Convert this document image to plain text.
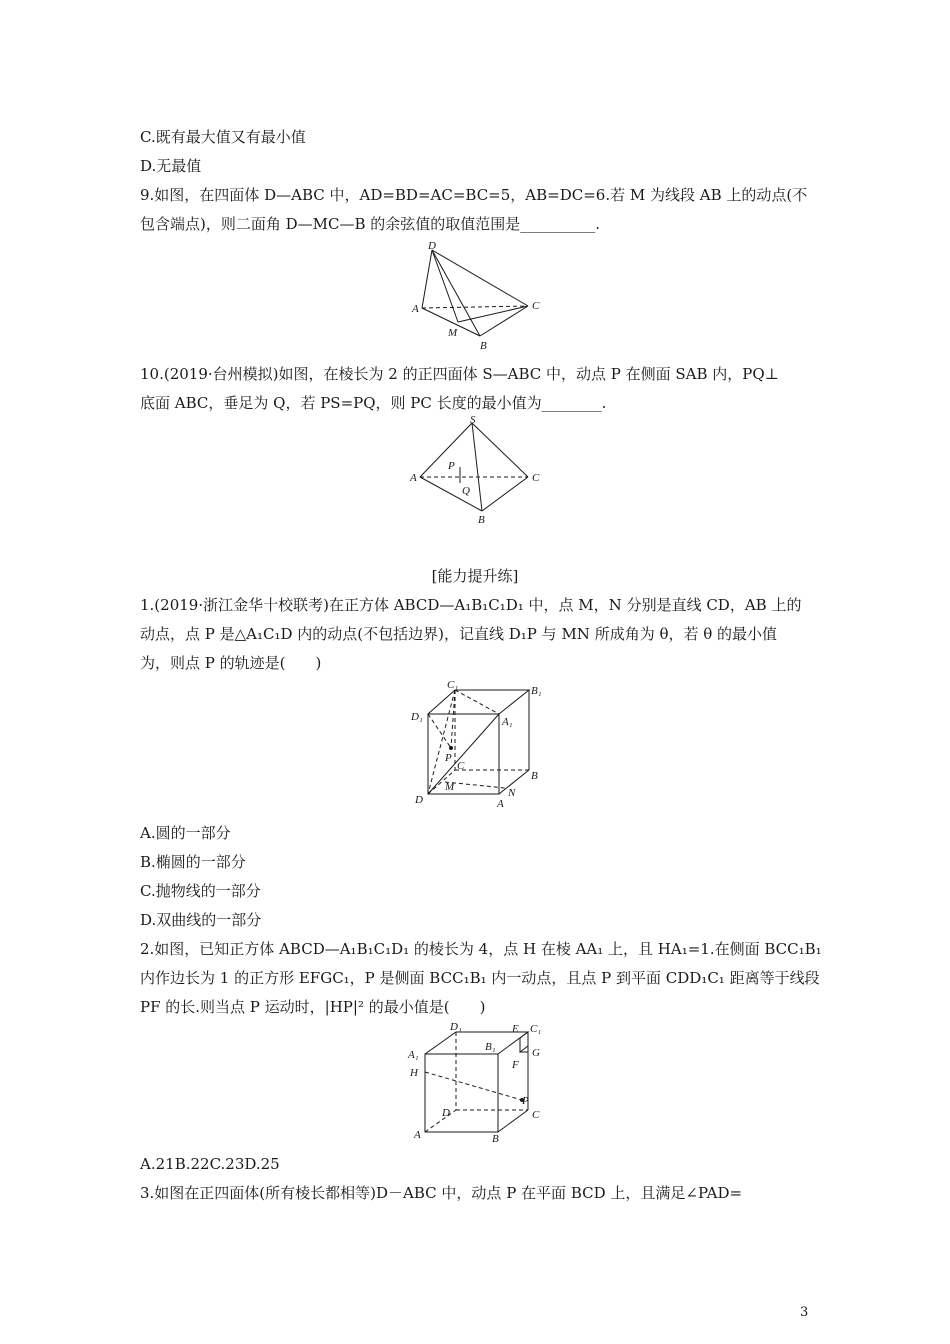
C.既有最大值又有最小值
D.无最值
9.如图，在四面体 D—ABC 中，AD=BD=AC=BC=5，AB=DC=6.若 M 为线段 AB 上的动点(不
包含端点)，则二面角 D—MC—B 的余弦值的取值范围是__________.
D
A	C
M
B
10.(2019·台州模拟)如图，在棱长为 2 的正四面体 S—ABC 中，动点 P 在侧面 SAB 内，PQ⊥
底面 ABC，垂足为 Q，若 PS=PQ，则 PC 长度的最小值为________.
S
P
A	C
Q
B
[能力提升练]
1.(2019·浙江金华十校联考)在正方体 ABCD—A₁B₁C₁D₁ 中，点 M，N 分别是直线 CD，AB 上的
动点，点 P 是△A₁C₁D 内的动点(不包括边界)，记直线 D₁P 与 MN 所成角为 θ，若 θ 的最小值
为，则点 P 的轨迹是(　　)
C₁	B₁
D₁	A₁
P
C
B
M
D
N
A
A.圆的一部分
B.椭圆的一部分
C.抛物线的一部分
D.双曲线的一部分
2.如图，已知正方体 ABCD—A₁B₁C₁D₁ 的棱长为 4，点 H 在棱 AA₁ 上，且 HA₁=1.在侧面 BCC₁B₁
内作边长为 1 的正方形 EFGC₁，P 是侧面 BCC₁B₁ 内一动点，且点 P 到平面 CDD₁C₁ 距离等于线段
PF 的长.则当点 P 运动时，|HP|² 的最小值是(　　)
D₁	E C₁
B₁
A₁	G
F
H
P
D	C
A	B
A.21B.22C.23D.25
3.如图在正四面体(所有棱长都相等)D－ABC 中，动点 P 在平面 BCD 上，且满足∠PAD=
3
